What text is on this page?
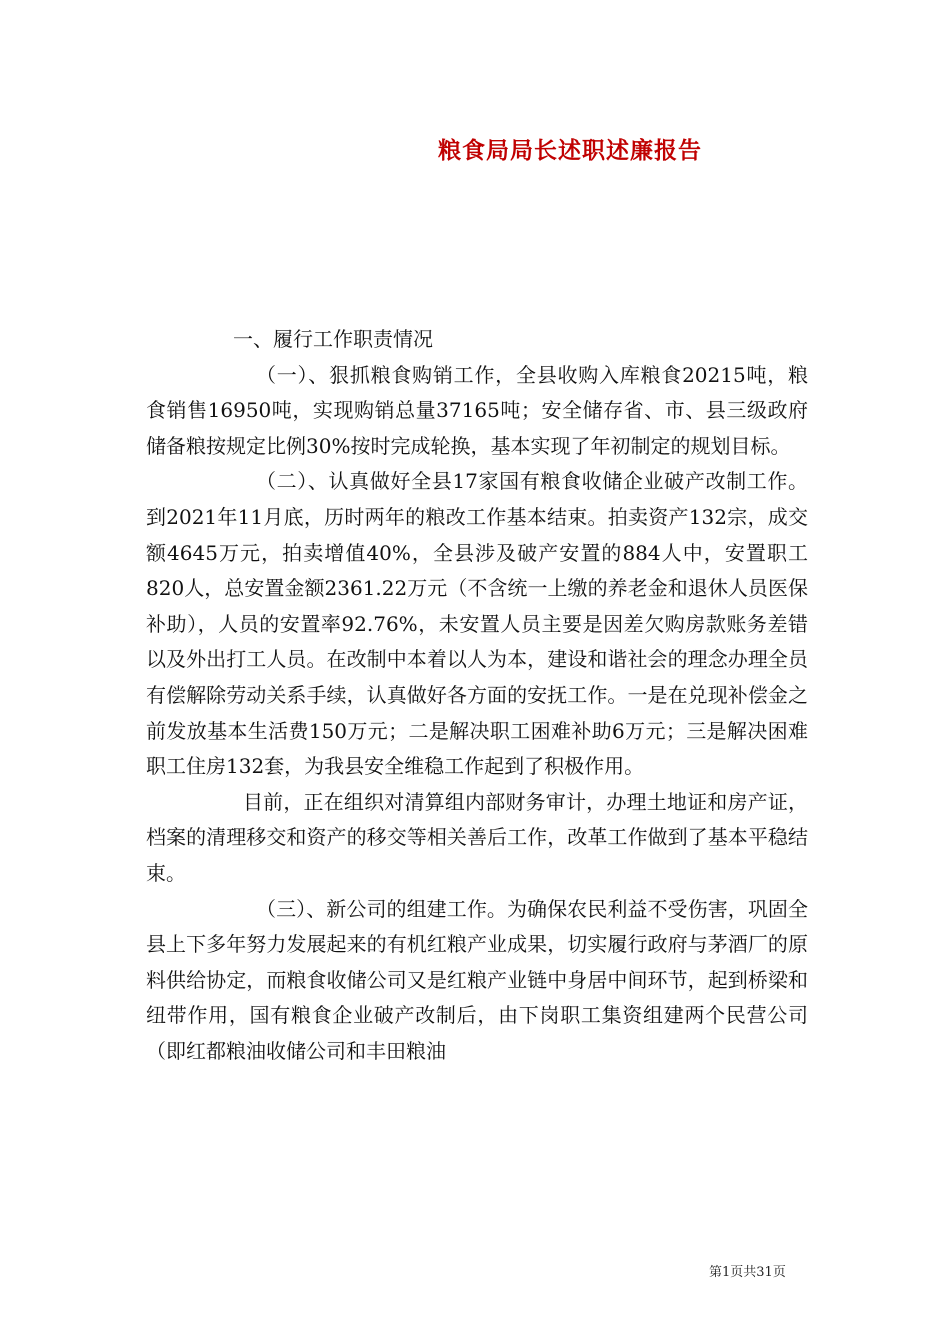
粮食局局长述职述廉报告

一、履行工作职责情况

（一）、狠抓粮食购销工作，全县收购入库粮食20215吨，粮食销售16950吨，实现购销总量37165吨；安全储存省、市、县三级政府储备粮按规定比例30%按时完成轮换，基本实现了年初制定的规划目标。

（二）、认真做好全县17家国有粮食收储企业破产改制工作。到2021年11月底，历时两年的粮改工作基本结束。拍卖资产132宗，成交额4645万元，拍卖增值40%，全县涉及破产安置的884人中，安置职工820人，总安置金额2361.22万元（不含统一上缴的养老金和退休人员医保补助），人员的安置率92.76%，未安置人员主要是因差欠购房款账务差错以及外出打工人员。在改制中本着以人为本，建设和谐社会的理念办理全员有偿解除劳动关系手续，认真做好各方面的安抚工作。一是在兑现补偿金之前发放基本生活费150万元；二是解决职工困难补助6万元；三是解决困难职工住房132套，为我县安全维稳工作起到了积极作用。

目前，正在组织对清算组内部财务审计，办理土地证和房产证，档案的清理移交和资产的移交等相关善后工作，改革工作做到了基本平稳结束。

（三）、新公司的组建工作。为确保农民利益不受伤害，巩固全县上下多年努力发展起来的有机红粮产业成果，切实履行政府与茅酒厂的原料供给协定，而粮食收储公司又是红粮产业链中身居中间环节，起到桥梁和纽带作用，国有粮食企业破产改制后，由下岗职工集资组建两个民营公司（即红都粮油收储公司和丰田粮油

第1页共31页
